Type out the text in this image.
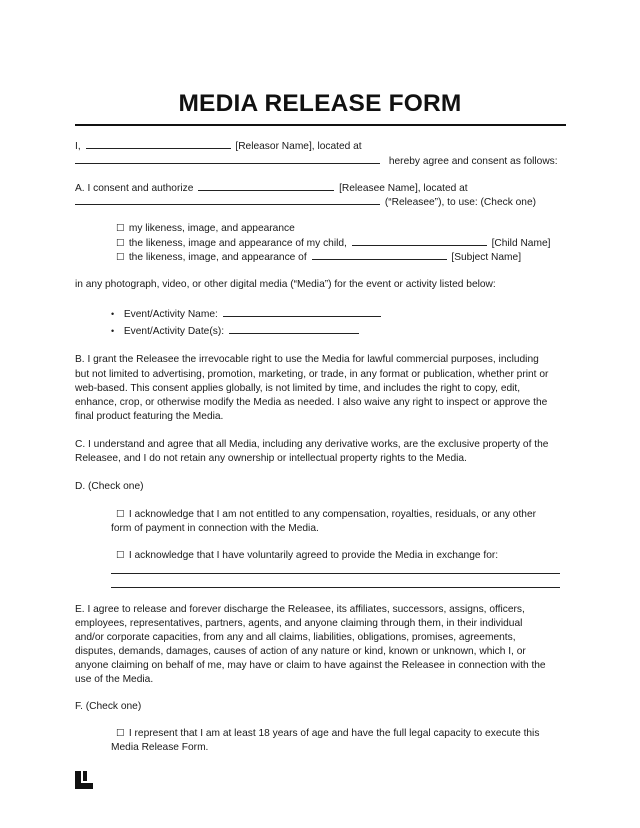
MEDIA RELEASE FORM
I,	[Releasor Name], located at
hereby agree and consent as follows:
A. I consent and authorize	[Releasee Name], located at
(“Releasee”), to use: (Check one)
☐ my likeness, image, and appearance
☐ the likeness, image and appearance of my child,	[Child Name]
☐ the likeness, image, and appearance of	[Subject Name]
in any photograph, video, or other digital media (“Media”) for the event or activity listed below:
• Event/Activity Name:
• Event/Activity Date(s):
B. I grant the Releasee the irrevocable right to use the Media for lawful commercial purposes, including
but not limited to advertising, promotion, marketing, or trade, in any format or publication, whether print or
web-based. This consent applies globally, is not limited by time, and includes the right to copy, edit,
enhance, crop, or otherwise modify the Media as needed. I also waive any right to inspect or approve the
final product featuring the Media.
C. I understand and agree that all Media, including any derivative works, are the exclusive property of the
Releasee, and I do not retain any ownership or intellectual property rights to the Media.
D. (Check one)
☐ I acknowledge that I am not entitled to any compensation, royalties, residuals, or any other
form of payment in connection with the Media.
☐ I acknowledge that I have voluntarily agreed to provide the Media in exchange for:
E. I agree to release and forever discharge the Releasee, its affiliates, successors, assigns, officers,
employees, representatives, partners, agents, and anyone claiming through them, in their individual
and/or corporate capacities, from any and all claims, liabilities, obligations, promises, agreements,
disputes, demands, damages, causes of action of any nature or kind, known or unknown, which I, or
anyone claiming on behalf of me, may have or claim to have against the Releasee in connection with the
use of the Media.
F. (Check one)
☐ I represent that I am at least 18 years of age and have the full legal capacity to execute this
Media Release Form.
